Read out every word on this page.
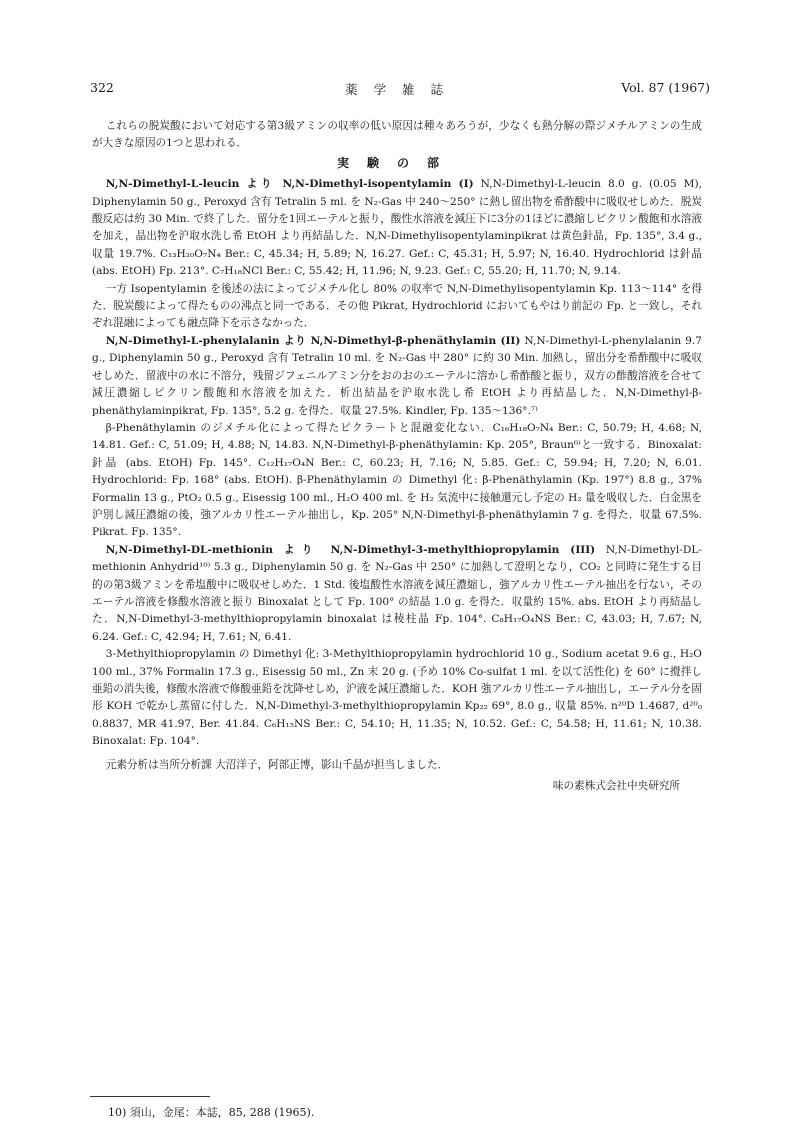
322	薬学雑誌	Vol. 87 (1967)

これらの脱炭酸において対応する第3級アミンの収率の低い原因は種々あろうが，少なくも熱分解の際ジメチルアミンの生成が大きな原因の1つと思われる．

実験の部

N,N-Dimethyl-L-leucin より N,N-Dimethyl-isopentylamin (I) N,N-Dimethyl-L-leucin 8.0 g. (0.05 M), Diphenylamin 50 g., Peroxyd 含有 Tetralin 5 ml. を N₂-Gas 中 240〜250° に熱し留出物を希酢酸中に吸収せしめた．脱炭酸反応は約 30 Min. で終了した．留分を1回エーテルと振り，酸性水溶液を減圧下に3分の1ほどに濃縮しピクリン酸飽和水溶液を加え，晶出物を沪取水洗し希 EtOH より再結晶した．N,N-Dimethylisopentylaminpikrat は黄色針晶，Fp. 135°, 3.4 g., 収量 19.7%. C₁₃H₂₀O₇N₄ Ber.: C, 45.34; H, 5.89; N, 16.27. Gef.: C, 45.31; H, 5.97; N, 16.40. Hydrochlorid は針晶 (abs. EtOH) Fp. 213°. C₇H₁₈NCl Ber.: C, 55.42; H, 11.96; N, 9.23. Gef.: C, 55.20; H, 11.70; N, 9.14.

一方 Isopentylamin を後述の法によってジメチル化し 80% の収率で N,N-Dimethylisopentylamin Kp. 113〜114° を得た．脱炭酸によって得たものの沸点と同一である．その他 Pikrat, Hydrochlorid においてもやはり前記の Fp. と一致し，それぞれ混融によっても融点降下を示さなかった．

N,N-Dimethyl-L-phenylalanin より N,N-Dimethyl-β-phenäthylamin (II) N,N-Dimethyl-L-phenylalanin 9.7 g., Diphenylamin 50 g., Peroxyd 含有 Tetralin 10 ml. を N₂-Gas 中 280° に約 30 Min. 加熱し，留出分を希酢酸中に吸収せしめた．留液中の水に不溶分，残留ジフェニルアミン分をおのおのエーテルに溶かし希酢酸と振り，双方の酢酸溶液を合せて減圧濃縮しピクリン酸飽和水溶液を加えた．析出結晶を沪取水洗し希 EtOH より再結晶した．N,N-Dimethyl-β-phenäthylaminpikrat, Fp. 135°, 5.2 g. を得た．収量 27.5%. Kindler, Fp. 135〜136°.⁷⁾

β-Phenäthylamin のジメチル化によって得たピクラートと混融変化ない．C₁₆H₁₈O₇N₄ Ber.: C, 50.79; H, 4.68; N, 14.81. Gef.: C, 51.09; H, 4.88; N, 14.83. N,N-Dimethyl-β-phenäthylamin: Kp. 205°, Braun⁶⁾と一致する．Binoxalat: 針晶 (abs. EtOH) Fp. 145°. C₁₂H₁₇O₄N Ber.: C, 60.23; H, 7.16; N, 5.85. Gef.: C, 59.94; H, 7.20; N, 6.01. Hydrochlorid: Fp. 168° (abs. EtOH). β-Phenäthylamin の Dimethyl 化: β-Phenäthylamin (Kp. 197°) 8.8 g., 37% Formalin 13 g., PtO₂ 0.5 g., Eisessig 100 ml., H₂O 400 ml. を H₂ 気流中に接触還元し予定の H₂ 量を吸収した．白金黒を沪別し減圧濃縮の後，強アルカリ性エーテル抽出し，Kp. 205° N,N-Dimethyl-β-phenäthylamin 7 g. を得た．収量 67.5%. Pikrat. Fp. 135°.

N,N-Dimethyl-DL-methionin より N,N-Dimethyl-3-methylthiopropylamin (III) N,N-Dimethyl-DL-methionin Anhydrid¹⁰⁾ 5.3 g., Diphenylamin 50 g. を N₂-Gas 中 250° に加熱して澄明となり，CO₂ と同時に発生する目的の第3級アミンを希塩酸中に吸収せしめた．1 Std. 後塩酸性水溶液を減圧濃縮し，強アルカリ性エーテル抽出を行ない，そのエーテル溶液を修酸水溶液と振り Binoxalat として Fp. 100° の結晶 1.0 g. を得た．収量約 15%. abs. EtOH より再結晶した．N,N-Dimethyl-3-methylthiopropylamin binoxalat は稜柱晶 Fp. 104°. C₈H₁₇O₄NS Ber.: C, 43.03; H, 7.67; N, 6.24. Gef.: C, 42.94; H, 7.61; N, 6.41.

3-Methylthiopropylamin の Dimethyl 化: 3-Methylthiopropylamin hydrochlorid 10 g., Sodium acetat 9.6 g., H₂O 100 ml., 37% Formalin 17.3 g., Eisessig 50 ml., Zn 末 20 g. (予め 10% Co-sulfat 1 ml. を以て活性化) を 60° に攪拌し亜鉛の消失後，修酸水溶液で修酸亜鉛を沈降せしめ，沪液を減圧濃縮した．KOH 強アルカリ性エーテル抽出し，エーテル分を固形 KOH で乾かし蒸留に付した．N,N-Dimethyl-3-methylthiopropylamin Kp₂₂ 69°, 8.0 g., 収量 85%. n²⁰D 1.4687, d²⁰₀ 0.8837, MR 41.97, Ber. 41.84. C₆H₁₅NS Ber.: C, 54.10; H, 11.35; N, 10.52. Gef.: C, 54.58; H, 11.61; N, 10.38. Binoxalat: Fp. 104°.

元素分析は当所分析課 大沼洋子，阿部正博，影山千晶が担当しました．

味の素株式会社中央研究所

10) 須山，金尾：本誌，85, 288 (1965).
